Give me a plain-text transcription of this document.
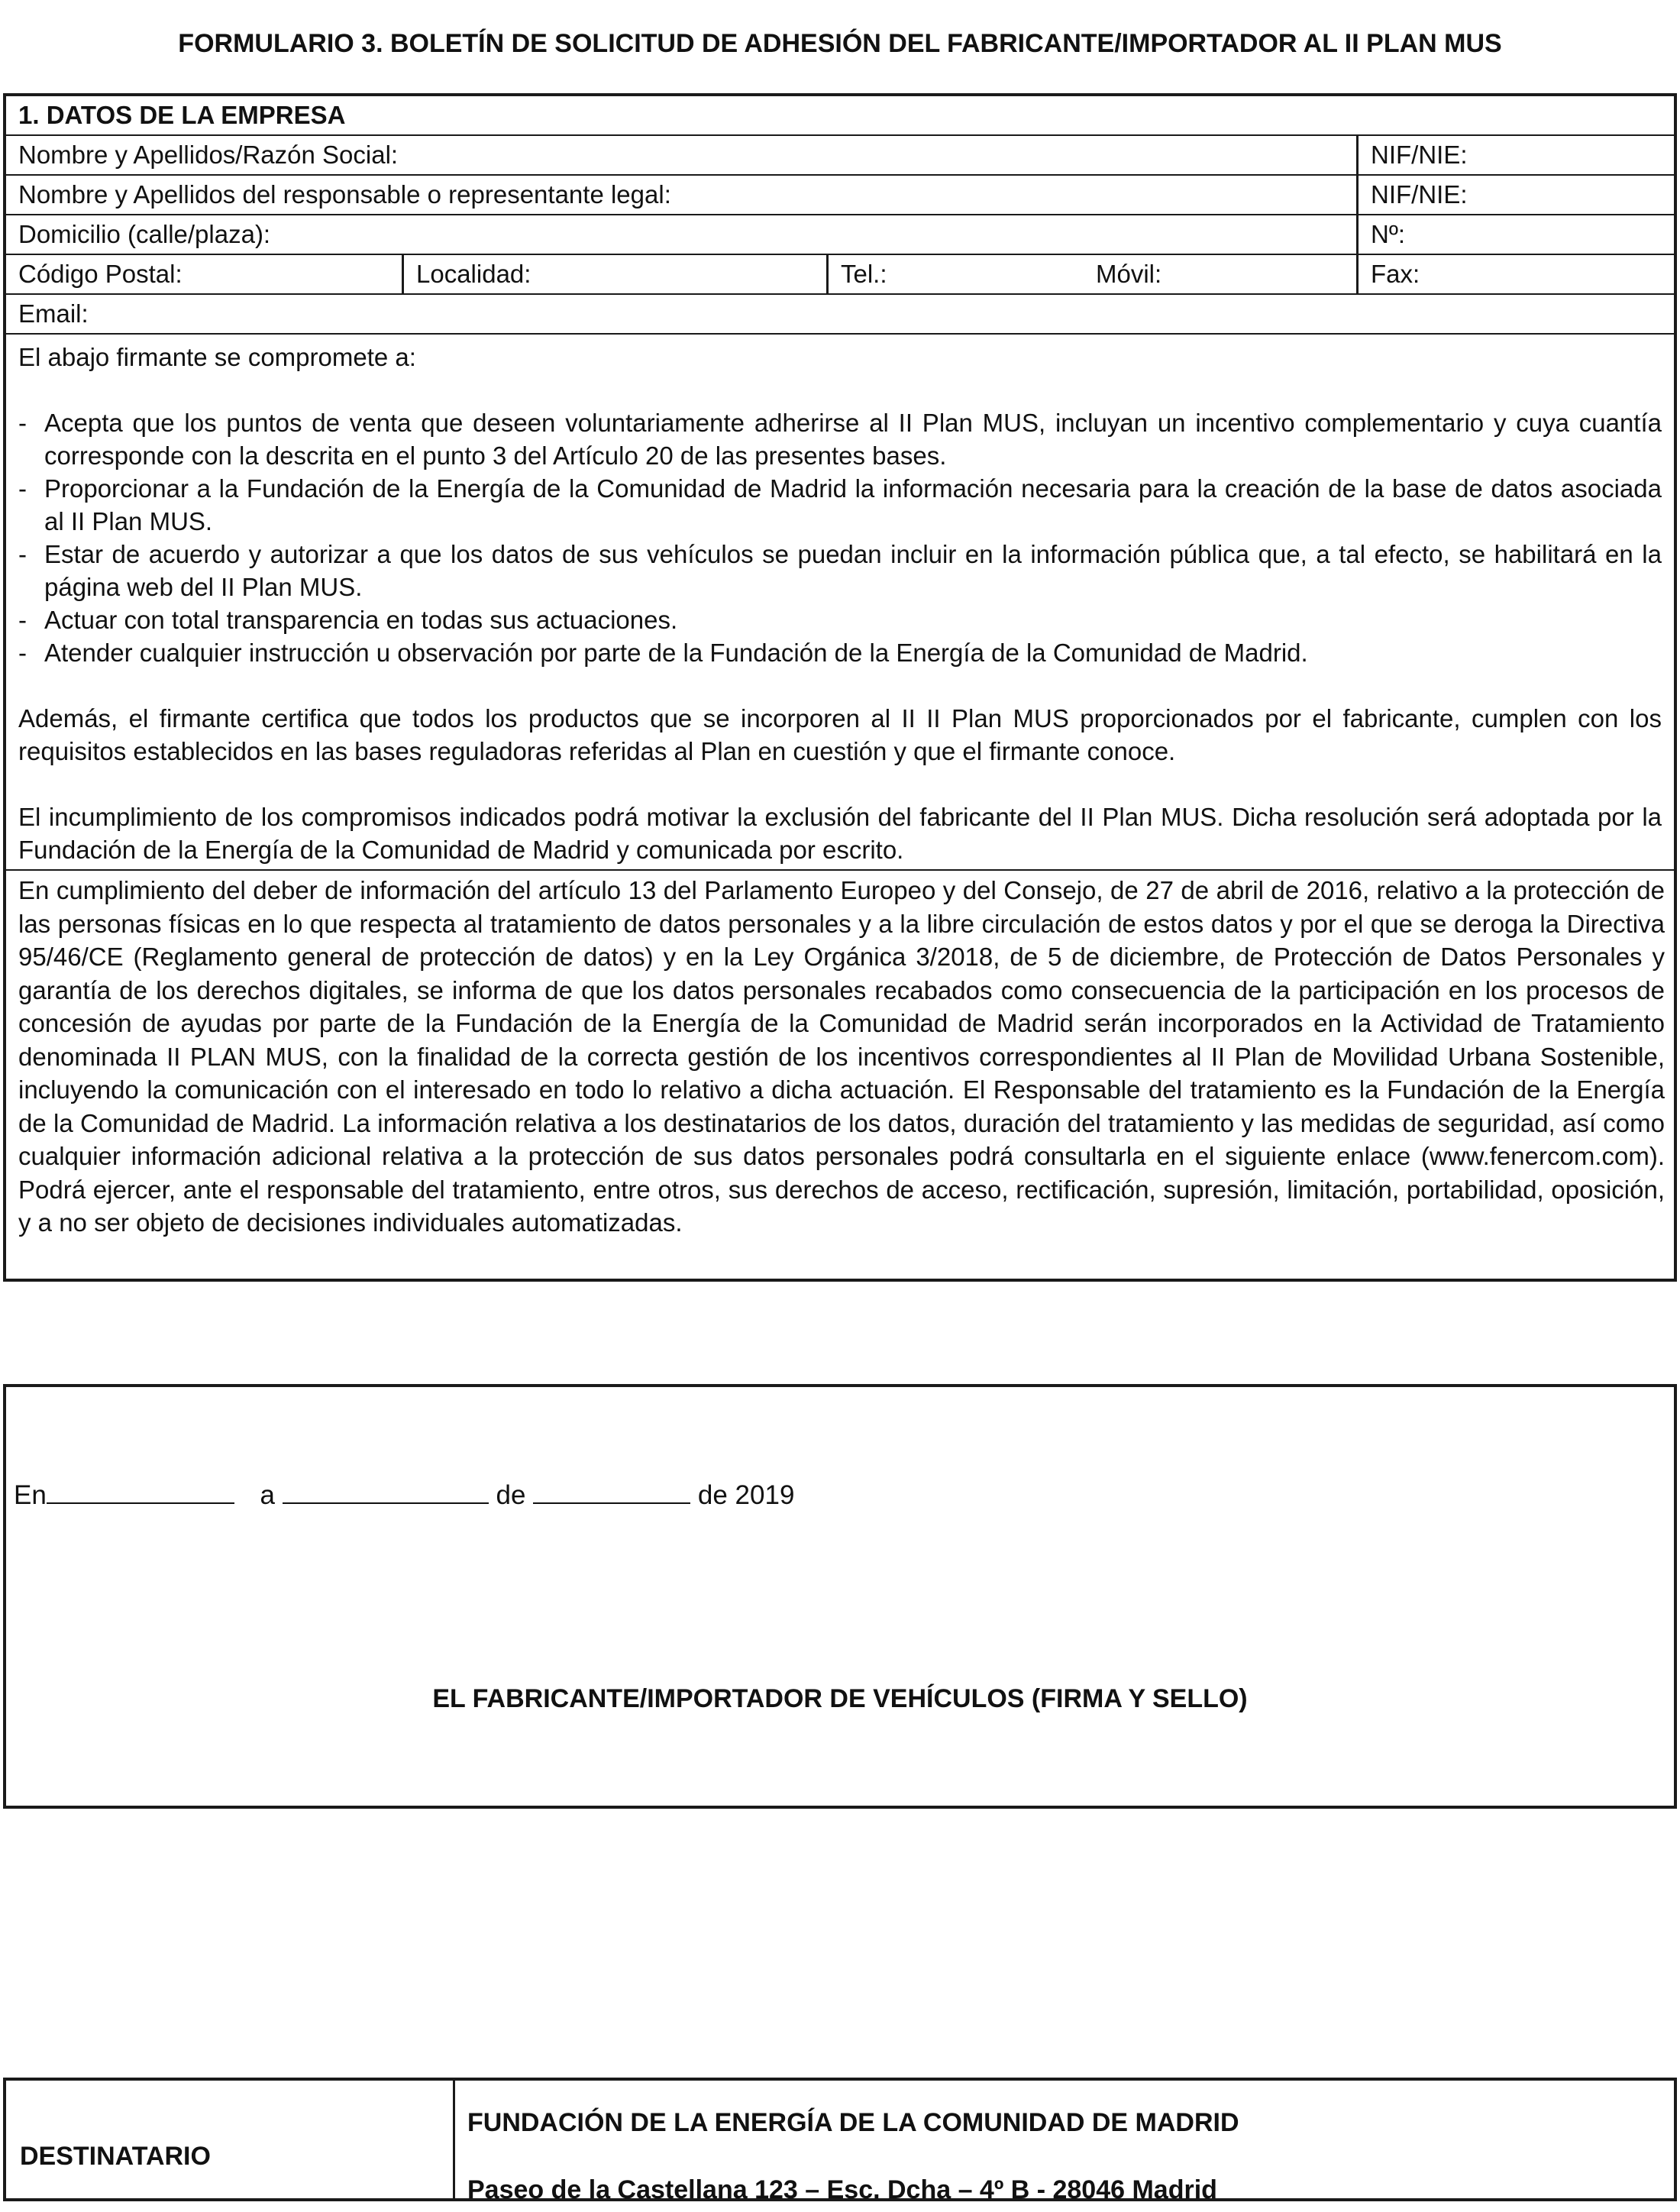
FORMULARIO 3. BOLETÍN DE SOLICITUD DE ADHESIÓN DEL FABRICANTE/IMPORTADOR AL II PLAN MUS
1. DATOS DE LA EMPRESA
Nombre y Apellidos/Razón Social:	NIF/NIE:
Nombre y Apellidos del responsable o representante legal:	NIF/NIE:
Domicilio (calle/plaza):	Nº:
Código Postal:	Localidad:	Tel.:	Móvil:	Fax:
Email:
El abajo firmante se compromete a:
- Acepta que los puntos de venta que deseen voluntariamente adherirse al II Plan MUS, incluyan un incentivo complementario y cuya cuantía corresponde con la descrita en el punto 3 del Artículo 20 de las presentes bases.
- Proporcionar a la Fundación de la Energía de la Comunidad de Madrid la información necesaria para la creación de la base de datos asociada al II Plan MUS.
- Estar de acuerdo y autorizar a que los datos de sus vehículos se puedan incluir en la información pública que, a tal efecto, se habilitará en la página web del II Plan MUS.
- Actuar con total transparencia en todas sus actuaciones.
- Atender cualquier instrucción u observación por parte de la Fundación de la Energía de la Comunidad de Madrid.
Además, el firmante certifica que todos los productos que se incorporen al II II Plan MUS proporcionados por el fabricante, cumplen con los requisitos establecidos en las bases reguladoras referidas al Plan en cuestión y que el firmante conoce.
El incumplimiento de los compromisos indicados podrá motivar la exclusión del fabricante del II Plan MUS. Dicha resolución será adoptada por la Fundación de la Energía de la Comunidad de Madrid y comunicada por escrito.
En cumplimiento del deber de información del artículo 13 del Parlamento Europeo y del Consejo, de 27 de abril de 2016, relativo a la protección de las personas físicas en lo que respecta al tratamiento de datos personales y a la libre circulación de estos datos y por el que se deroga la Directiva 95/46/CE (Reglamento general de protección de datos) y en la Ley Orgánica 3/2018, de 5 de diciembre, de Protección de Datos Personales y garantía de los derechos digitales, se informa de que los datos personales recabados como consecuencia de la participación en los procesos de concesión de ayudas por parte de la Fundación de la Energía de la Comunidad de Madrid serán incorporados en la Actividad de Tratamiento denominada II PLAN MUS, con la finalidad de la correcta gestión de los incentivos correspondientes al II Plan de Movilidad Urbana Sostenible, incluyendo la comunicación con el interesado en todo lo relativo a dicha actuación. El Responsable del tratamiento es la Fundación de la Energía de la Comunidad de Madrid. La información relativa a los destinatarios de los datos, duración del tratamiento y las medidas de seguridad, así como cualquier información adicional relativa a la protección de sus datos personales podrá consultarla en el siguiente enlace (www.fenercom.com). Podrá ejercer, ante el responsable del tratamiento, entre otros, sus derechos de acceso, rectificación, supresión, limitación, portabilidad, oposición, y a no ser objeto de decisiones individuales automatizadas.
En	a	de	de 2019
EL FABRICANTE/IMPORTADOR DE VEHÍCULOS (FIRMA Y SELLO)
DESTINATARIO
FUNDACIÓN DE LA ENERGÍA DE LA COMUNIDAD DE MADRID
Paseo de la Castellana 123 – Esc. Dcha – 4º B - 28046 Madrid
